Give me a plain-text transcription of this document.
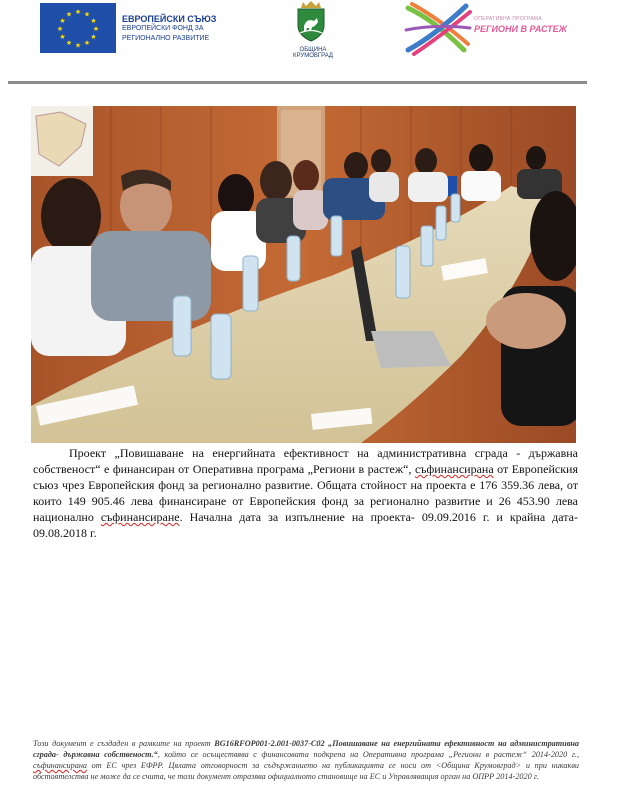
★ ★
★
★
★
★
★
★
★
★
★
★	ЕВРОПЕЙСКИ СЪЮЗ
ЕВРОПЕЙСКИ ФОНД ЗА
РЕГИОНАЛНО РАЗВИТИЕ
ОБЩИНА КРУМОВГРАД
ОПЕРАТИВНА ПРОГРАМА
РЕГИОНИ В РАСТЕЖ
Проект „Повишаване на енергийната ефективност на административна сграда - държавна собственост“ е финансиран от Оперативна програма „Региони в растеж“, съфинансирана от Европейския съюз чрез Европейския фонд за регионално развитие. Общата стойност на проекта е 176 359.36 лева, от които 149 905.46 лева финансиране от Европейския фонд за регионално развитие и 26 453.90 лева национално съфинансиране. Начална дата за изпълнение на проекта- 09.09.2016 г. и крайна дата- 09.08.2018 г.
Този документ е създаден в рамките на проект BG16RFOP001-2.001-0037-C02 „Повишаване на енергийната ефективност на административна сграда- държавна собственост.“, който се осъществява с финансовата подкрепа на Оперативна програма „Региони в растеж“ 2014-2020 г., съфинансирана от ЕС чрез ЕФРР. Цялата отговорност за съдържанието на публикацията се носи от <Община Крумовград> и при никакви обстоятелства не може да се счита, че този документ отразява официалното становище на ЕС и Управляващия орган на ОПРР 2014-2020 г.
